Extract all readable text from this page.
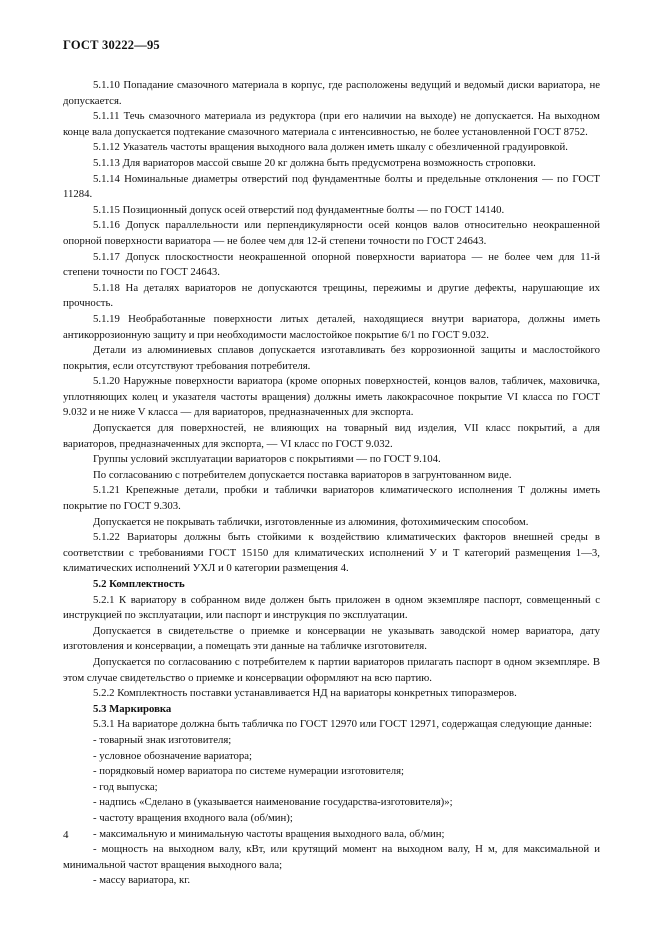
ГОСТ 30222—95

5.1.10 Попадание смазочного материала в корпус, где расположены ведущий и ведомый диски вариатора, не допускается.

5.1.11 Течь смазочного материала из редуктора (при его наличии на выходе) не допускается. На выходном конце вала допускается подтекание смазочного материала с интенсивностью, не более установленной ГОСТ 8752.

5.1.12 Указатель частоты вращения выходного вала должен иметь шкалу с обезличенной градуировкой.

5.1.13 Для вариаторов массой свыше 20 кг должна быть предусмотрена возможность строповки.

5.1.14 Номинальные диаметры отверстий под фундаментные болты и предельные отклонения — по ГОСТ 11284.

5.1.15 Позиционный допуск осей отверстий под фундаментные болты — по ГОСТ 14140.

5.1.16 Допуск параллельности или перпендикулярности осей концов валов относительно неокрашенной опорной поверхности вариатора — не более чем для 12-й степени точности по ГОСТ 24643.

5.1.17 Допуск плоскостности неокрашенной опорной поверхности вариатора — не более чем для 11-й степени точности по ГОСТ 24643.

5.1.18 На деталях вариаторов не допускаются трещины, пережимы и другие дефекты, нарушающие их прочность.

5.1.19 Необработанные поверхности литых деталей, находящиеся внутри вариатора, должны иметь антикоррозионную защиту и при необходимости маслостойкое покрытие 6/1 по ГОСТ 9.032.

Детали из алюминиевых сплавов допускается изготавливать без коррозионной защиты и маслостойкого покрытия, если отсутствуют требования потребителя.

5.1.20 Наружные поверхности вариатора (кроме опорных поверхностей, концов валов, табличек, маховичка, уплотняющих колец и указателя частоты вращения) должны иметь лакокрасочное покрытие VI класса по ГОСТ 9.032 и не ниже V класса — для вариаторов, предназначенных для экспорта.

Допускается для поверхностей, не влияющих на товарный вид изделия, VII класс покрытий, а для вариаторов, предназначенных для экспорта, — VI класс по ГОСТ 9.032.

Группы условий эксплуатации вариаторов с покрытиями — по ГОСТ 9.104.

По согласованию с потребителем допускается поставка вариаторов в загрунтованном виде.

5.1.21 Крепежные детали, пробки и таблички вариаторов климатического исполнения Т должны иметь покрытие по ГОСТ 9.303.

Допускается не покрывать таблички, изготовленные из алюминия, фотохимическим способом.

5.1.22 Вариаторы должны быть стойкими к воздействию климатических факторов внешней среды в соответствии с требованиями ГОСТ 15150 для климатических исполнений У и Т категорий размещения 1—3, климатических исполнений УХЛ и 0 категории размещения 4.

5.2 Комплектность

5.2.1 К вариатору в собранном виде должен быть приложен в одном экземпляре паспорт, совмещенный с инструкцией по эксплуатации, или паспорт и инструкция по эксплуатации.

Допускается в свидетельстве о приемке и консервации не указывать заводской номер вариатора, дату изготовления и консервации, а помещать эти данные на табличке изготовителя.

Допускается по согласованию с потребителем к партии вариаторов прилагать паспорт в одном экземпляре. В этом случае свидетельство о приемке и консервации оформляют на всю партию.

5.2.2 Комплектность поставки устанавливается НД на вариаторы конкретных типоразмеров.

5.3 Маркировка

5.3.1 На вариаторе должна быть табличка по ГОСТ 12970 или ГОСТ 12971, содержащая следующие данные:

- товарный знак изготовителя;

- условное обозначение вариатора;

- порядковый номер вариатора по системе нумерации изготовителя;

- год выпуска;

- надпись «Сделано в (указывается наименование государства-изготовителя)»;

- частоту вращения входного вала (об/мин);

- максимальную и минимальную частоты вращения выходного вала, об/мин;

- мощность на выходном валу, кВт, или крутящий момент на выходном валу, Н м, для максимальной и минимальной частот вращения выходного вала;

- массу вариатора, кг.

4
